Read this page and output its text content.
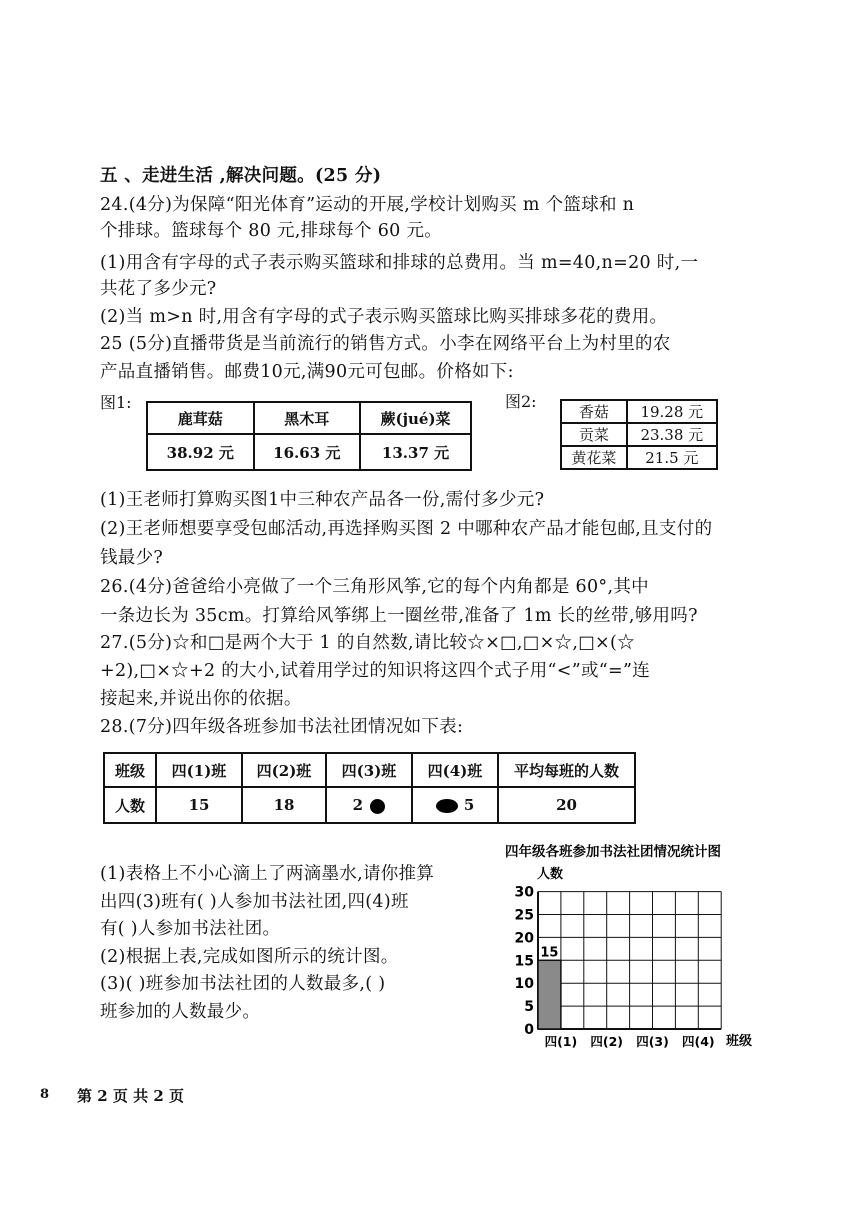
五 、走进生活 ,解决问题。(25 分)
24.(4分)为保障“阳光体育”运动的开展,学校计划购买 m 个篮球和 n
个排球。篮球每个 80 元,排球每个 60 元。
(1)用含有字母的式子表示购买篮球和排球的总费用。当 m=40,n=20 时,一
共花了多少元?
(2)当 m>n 时,用含有字母的式子表示购买篮球比购买排球多花的费用。
25 (5分)直播带货是当前流行的销售方式。小李在网络平台上为村里的农
产品直播销售。邮费10元,满90元可包邮。价格如下:
图1:	图2:
鹿茸菇	黑木耳	蕨(jué)菜
38.92 元	16.63 元	13.37 元
香菇	19.28 元
贡菜	23.38 元
黄花菜	21.5 元
(1)王老师打算购买图1中三种农产品各一份,需付多少元?
(2)王老师想要享受包邮活动,再选择购买图 2 中哪种农产品才能包邮,且支付的
钱最少?
26.(4分)爸爸给小亮做了一个三角形风筝,它的每个内角都是 60°,其中
一条边长为 35cm。打算给风筝绑上一圈丝带,准备了 1m 长的丝带,够用吗?
27.(5分)☆和□是两个大于 1 的自然数,请比较☆×□,□×☆,□×(☆
+2),□×☆+2 的大小,试着用学过的知识将这四个式子用“<”或“=”连
接起来,并说出你的依据。
28.(7分)四年级各班参加书法社团情况如下表:
班级	四(1)班	四(2)班	四(3)班	四(4)班	平均每班的人数
人数	15	18	2	5	20
(1)表格上不小心滴上了两滴墨水,请你推算
出四(3)班有( )人参加书法社团,四(4)班
有( )人参加书法社团。
(2)根据上表,完成如图所示的统计图。
(3)( )班参加书法社团的人数最多,( )
班参加的人数最少。
四年级各班参加书法社团情况统计图
人数
班级
15
0
5
10
15
20
25
30
四(1) 四(2) 四(3) 四(4)
8 第 2 页 共 2 页
